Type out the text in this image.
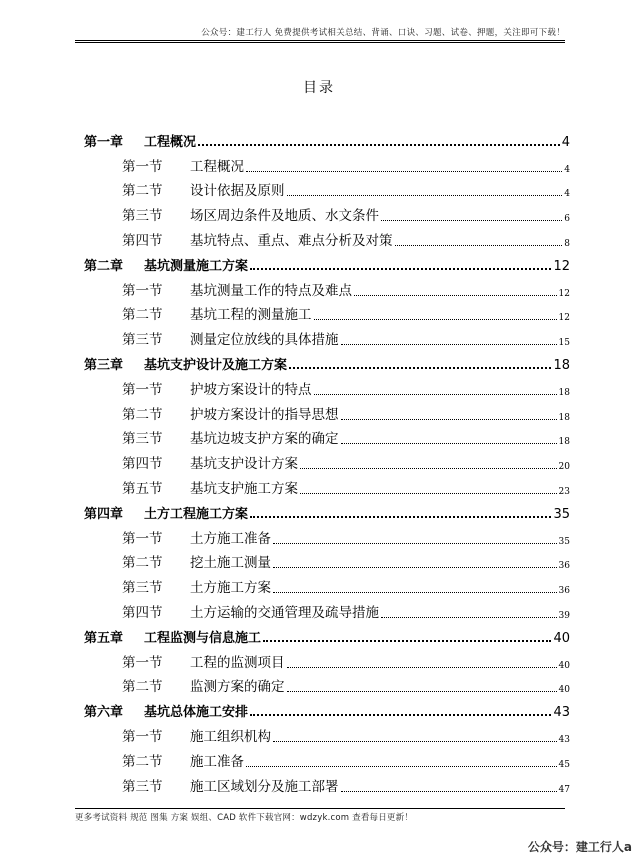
公众号：建工行人 免费提供考试相关总结、背诵、口诀、习题、试卷、押题，关注即可下载！
目录
第一章	工程概况	4
第一节	工程概况	4
第二节	设计依据及原则	4
第三节	场区周边条件及地质、水文条件	6
第四节	基坑特点、重点、难点分析及对策	8
第二章	基坑测量施工方案	12
第一节	基坑测量工作的特点及难点	12
第二节	基坑工程的测量施工	12
第三节	测量定位放线的具体措施	15
第三章	基坑支护设计及施工方案	18
第一节	护坡方案设计的特点	18
第二节	护坡方案设计的指导思想	18
第三节	基坑边坡支护方案的确定	18
第四节	基坑支护设计方案	20
第五节	基坑支护施工方案	23
第四章	土方工程施工方案	35
第一节	土方施工准备	35
第二节	挖土施工测量	36
第三节	土方施工方案	36
第四节	土方运输的交通管理及疏导措施	39
第五章	工程监测与信息施工	40
第一节	工程的监测项目	40
第二节	监测方案的确定	40
第六章	基坑总体施工安排	43
第一节	施工组织机构	43
第二节	施工准备	45
第三节	施工区域划分及施工部署	47
更多考试资料 规范 图集 方案 娱组、CAD 软件下载官网：wdzyk.com 查看每日更新！
公众号：建工行人a
